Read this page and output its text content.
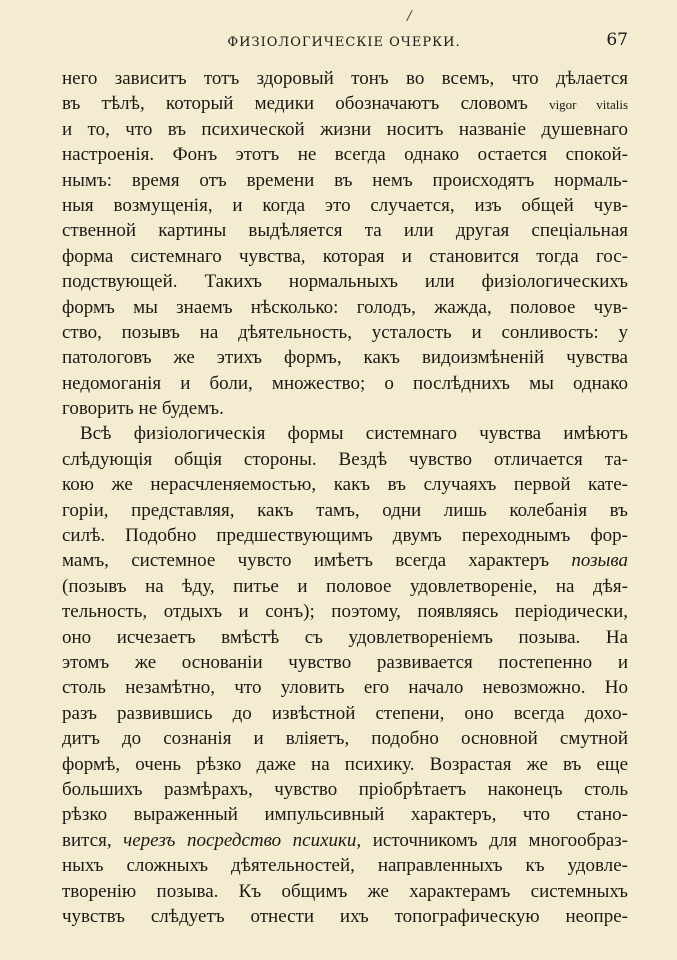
/
ФИЗІОЛОГИЧЕСКІЕ ОЧЕРКИ.	67
него зависитъ тотъ здоровый тонъ во всемъ, что дѣлается
въ тѣлѣ, который медики обозначаютъ словомъ vigor vitalis
и то, что въ психической жизни носитъ названіе душевнаго
настроенія. Фонъ этотъ не всегда однако остается спокой-
нымъ: время отъ времени въ немъ происходятъ нормаль-
ныя возмущенія, и когда это случается, изъ общей чув-
ственной картины выдѣляется та или другая спеціальная
форма системнаго чувства, которая и становится тогда гос-
подствующей. Такихъ нормальныхъ или физіологическихъ
формъ мы знаемъ нѣсколько: голодъ, жажда, половое чув-
ство, позывъ на дѣятельность, усталость и сонливость: у
патологовъ же этихъ формъ, какъ видоизмѣненій чувства
недомоганія и боли, множество; о послѣднихъ мы однако
говорить не будемъ.
Всѣ физіологическія формы системнаго чувства имѣютъ
слѣдующія общія стороны. Вездѣ чувство отличается та-
кою же нерасчленяемостью, какъ въ случаяхъ первой кате-
горіи, представляя, какъ тамъ, одни лишь колебанія въ
силѣ. Подобно предшествующимъ двумъ переходнымъ фор-
мамъ, системное чувсто имѣетъ всегда характеръ позыва
(позывъ на ѣду, питье и половое удовлетвореніе, на дѣя-
тельность, отдыхъ и сонъ); поэтому, появляясь періодически,
оно исчезаетъ вмѣстѣ съ удовлетвореніемъ позыва. На
этомъ же основаніи чувство развивается постепенно и
столь незамѣтно, что уловить его начало невозможно. Но
разъ развившись до извѣстной степени, оно всегда дохо-
дитъ до сознанія и вліяетъ, подобно основной смутной
формѣ, очень рѣзко даже на психику. Возрастая же въ еще
большихъ размѣрахъ, чувство пріобрѣтаетъ наконецъ столь
рѣзко выраженный импульсивный характеръ, что стано-
вится, черезъ посредство психики, источникомъ для многообраз-
ныхъ сложныхъ дѣятельностей, направленныхъ къ удовле-
творенію позыва. Къ общимъ же характерамъ системныхъ
чувствъ слѣдуетъ отнести ихъ топографическую неопре-
